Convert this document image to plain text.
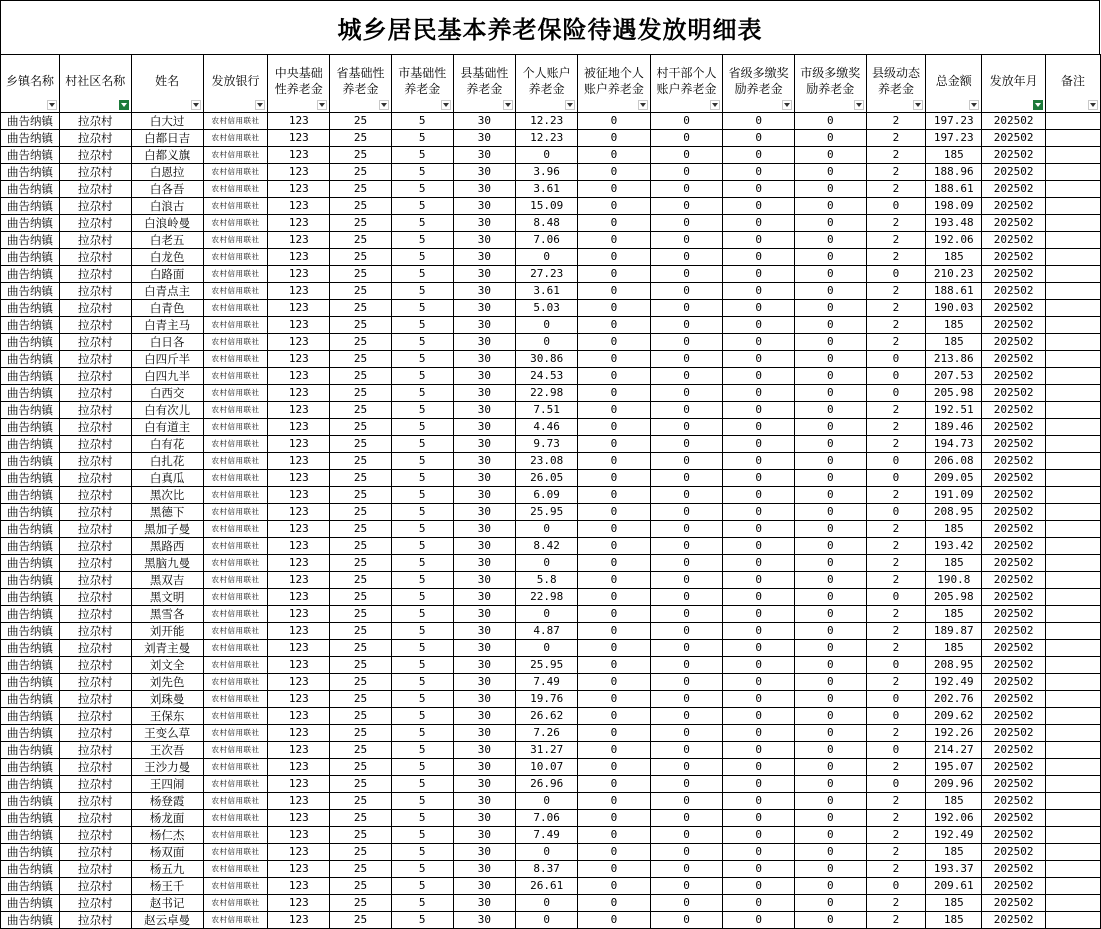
城乡居民基本养老保险待遇发放明细表
乡镇名称	村社区名称	姓名	发放银行	中央基础性养老金	省基础性养老金	市基础性养老金	县基础性养老金	个人账户养老金	被征地个人账户养老金	村干部个人账户养老金	省级多缴奖励养老金	市级多缴奖励养老金	县级动态养老金	总金额	发放年月	备注

曲告纳镇	拉尕村	白大过	农村信用联社	123	25	5	30	12.23	0	0	0	0	2	197.23	202502	
曲告纳镇	拉尕村	白都日吉	农村信用联社	123	25	5	30	12.23	0	0	0	0	2	197.23	202502	
曲告纳镇	拉尕村	白都义旗	农村信用联社	123	25	5	30	0	0	0	0	0	2	185	202502	
曲告纳镇	拉尕村	白恩拉	农村信用联社	123	25	5	30	3.96	0	0	0	0	2	188.96	202502	
曲告纳镇	拉尕村	白各吾	农村信用联社	123	25	5	30	3.61	0	0	0	0	2	188.61	202502	
曲告纳镇	拉尕村	白浪古	农村信用联社	123	25	5	30	15.09	0	0	0	0	0	198.09	202502	
曲告纳镇	拉尕村	白浪岭曼	农村信用联社	123	25	5	30	8.48	0	0	0	0	2	193.48	202502	
曲告纳镇	拉尕村	白老五	农村信用联社	123	25	5	30	7.06	0	0	0	0	2	192.06	202502	
曲告纳镇	拉尕村	白龙色	农村信用联社	123	25	5	30	0	0	0	0	0	2	185	202502	
曲告纳镇	拉尕村	白路面	农村信用联社	123	25	5	30	27.23	0	0	0	0	0	210.23	202502	
曲告纳镇	拉尕村	白青点主	农村信用联社	123	25	5	30	3.61	0	0	0	0	2	188.61	202502	
曲告纳镇	拉尕村	白青色	农村信用联社	123	25	5	30	5.03	0	0	0	0	2	190.03	202502	
曲告纳镇	拉尕村	白青主马	农村信用联社	123	25	5	30	0	0	0	0	0	2	185	202502	
曲告纳镇	拉尕村	白日各	农村信用联社	123	25	5	30	0	0	0	0	0	2	185	202502	
曲告纳镇	拉尕村	白四斤半	农村信用联社	123	25	5	30	30.86	0	0	0	0	0	213.86	202502	
曲告纳镇	拉尕村	白四九半	农村信用联社	123	25	5	30	24.53	0	0	0	0	0	207.53	202502	
曲告纳镇	拉尕村	白西交	农村信用联社	123	25	5	30	22.98	0	0	0	0	0	205.98	202502	
曲告纳镇	拉尕村	白有次儿	农村信用联社	123	25	5	30	7.51	0	0	0	0	2	192.51	202502	
曲告纳镇	拉尕村	白有道主	农村信用联社	123	25	5	30	4.46	0	0	0	0	2	189.46	202502	
曲告纳镇	拉尕村	白有花	农村信用联社	123	25	5	30	9.73	0	0	0	0	2	194.73	202502	
曲告纳镇	拉尕村	白扎花	农村信用联社	123	25	5	30	23.08	0	0	0	0	0	206.08	202502	
曲告纳镇	拉尕村	白真瓜	农村信用联社	123	25	5	30	26.05	0	0	0	0	0	209.05	202502	
曲告纳镇	拉尕村	黑次比	农村信用联社	123	25	5	30	6.09	0	0	0	0	2	191.09	202502	
曲告纳镇	拉尕村	黑德下	农村信用联社	123	25	5	30	25.95	0	0	0	0	0	208.95	202502	
曲告纳镇	拉尕村	黑加子曼	农村信用联社	123	25	5	30	0	0	0	0	0	2	185	202502	
曲告纳镇	拉尕村	黑路西	农村信用联社	123	25	5	30	8.42	0	0	0	0	2	193.42	202502	
曲告纳镇	拉尕村	黑脑九曼	农村信用联社	123	25	5	30	0	0	0	0	0	2	185	202502	
曲告纳镇	拉尕村	黑双吉	农村信用联社	123	25	5	30	5.8	0	0	0	0	2	190.8	202502	
曲告纳镇	拉尕村	黑文明	农村信用联社	123	25	5	30	22.98	0	0	0	0	0	205.98	202502	
曲告纳镇	拉尕村	黑雪各	农村信用联社	123	25	5	30	0	0	0	0	0	2	185	202502	
曲告纳镇	拉尕村	刘开能	农村信用联社	123	25	5	30	4.87	0	0	0	0	2	189.87	202502	
曲告纳镇	拉尕村	刘青主曼	农村信用联社	123	25	5	30	0	0	0	0	0	2	185	202502	
曲告纳镇	拉尕村	刘文全	农村信用联社	123	25	5	30	25.95	0	0	0	0	0	208.95	202502	
曲告纳镇	拉尕村	刘先色	农村信用联社	123	25	5	30	7.49	0	0	0	0	2	192.49	202502	
曲告纳镇	拉尕村	刘珠曼	农村信用联社	123	25	5	30	19.76	0	0	0	0	0	202.76	202502	
曲告纳镇	拉尕村	王保东	农村信用联社	123	25	5	30	26.62	0	0	0	0	0	209.62	202502	
曲告纳镇	拉尕村	王变么草	农村信用联社	123	25	5	30	7.26	0	0	0	0	2	192.26	202502	
曲告纳镇	拉尕村	王次吾	农村信用联社	123	25	5	30	31.27	0	0	0	0	0	214.27	202502	
曲告纳镇	拉尕村	王沙力曼	农村信用联社	123	25	5	30	10.07	0	0	0	0	2	195.07	202502	
曲告纳镇	拉尕村	王四闹	农村信用联社	123	25	5	30	26.96	0	0	0	0	0	209.96	202502	
曲告纳镇	拉尕村	杨登霞	农村信用联社	123	25	5	30	0	0	0	0	0	2	185	202502	
曲告纳镇	拉尕村	杨龙面	农村信用联社	123	25	5	30	7.06	0	0	0	0	2	192.06	202502	
曲告纳镇	拉尕村	杨仁杰	农村信用联社	123	25	5	30	7.49	0	0	0	0	2	192.49	202502	
曲告纳镇	拉尕村	杨双面	农村信用联社	123	25	5	30	0	0	0	0	0	2	185	202502	
曲告纳镇	拉尕村	杨五九	农村信用联社	123	25	5	30	8.37	0	0	0	0	2	193.37	202502	
曲告纳镇	拉尕村	杨王千	农村信用联社	123	25	5	30	26.61	0	0	0	0	0	209.61	202502	
曲告纳镇	拉尕村	赵书记	农村信用联社	123	25	5	30	0	0	0	0	0	2	185	202502	
曲告纳镇	拉尕村	赵云卓曼	农村信用联社	123	25	5	30	0	0	0	0	0	2	185	202502	
